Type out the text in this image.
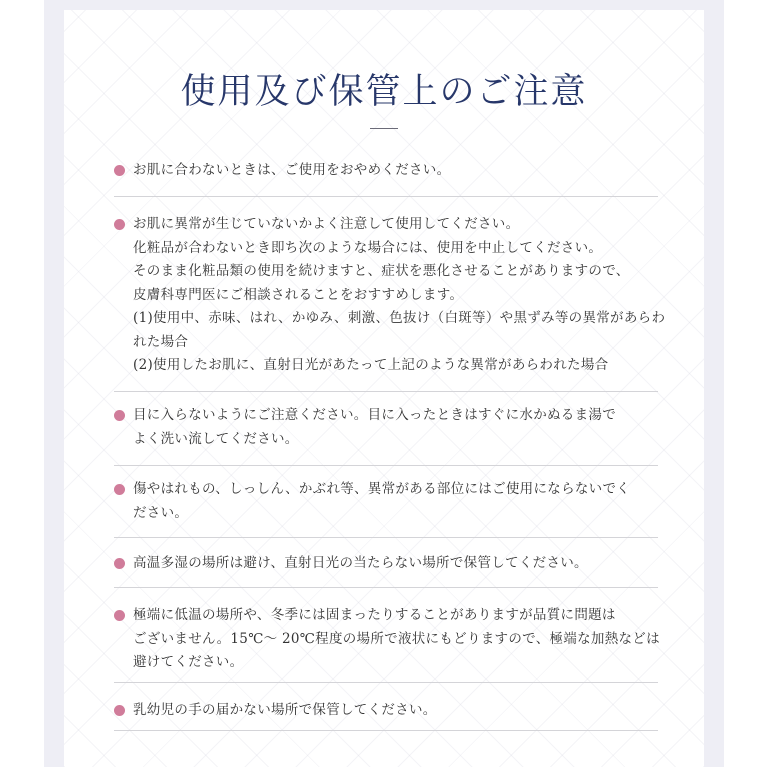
使用及び保管上のご注意
お肌に合わないときは、ご使用をおやめください。
お肌に異常が生じていないかよく注意して使用してください。
化粧品が合わないとき即ち次のような場合には、使用を中止してください。
そのまま化粧品類の使用を続けますと、症状を悪化させることがありますので、
皮膚科専門医にご相談されることをおすすめします。
(1)使用中、赤味、はれ、かゆみ、刺激、色抜け（白斑等）や黒ずみ等の異常があらわ
れた場合
(2)使用したお肌に、直射日光があたって上記のような異常があらわれた場合
目に入らないようにご注意ください。目に入ったときはすぐに水かぬるま湯で
よく洗い流してください。
傷やはれもの、しっしん、かぶれ等、異常がある部位にはご使用にならないでく
ださい。
高温多湿の場所は避け、直射日光の当たらない場所で保管してください。
極端に低温の場所や、冬季には固まったりすることがありますが品質に問題は
ございません。15℃～ 20℃程度の場所で液状にもどりますので、極端な加熱などは
避けてください。
乳幼児の手の届かない場所で保管してください。
